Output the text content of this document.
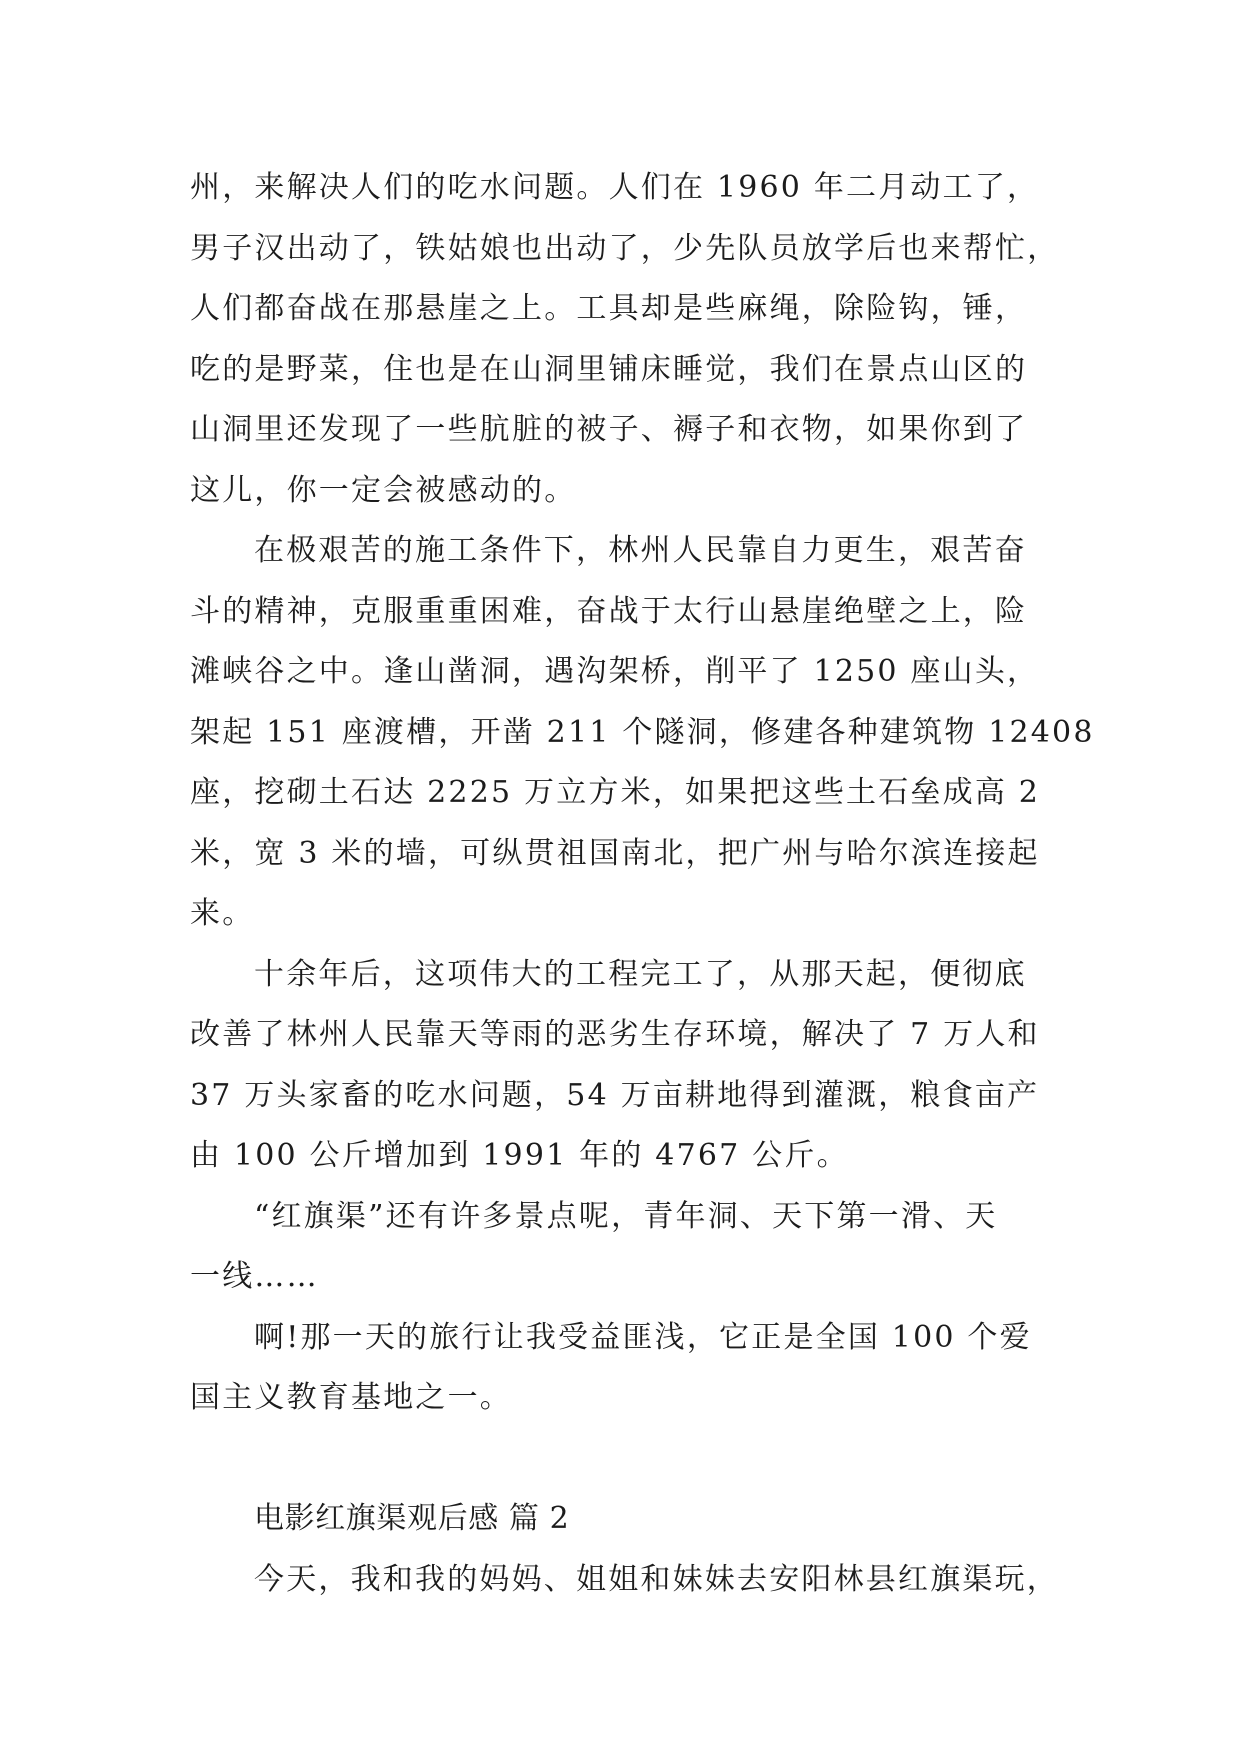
州，来解决人们的吃水问题。人们在 1960 年二月动工了，
男子汉出动了，铁姑娘也出动了，少先队员放学后也来帮忙，
人们都奋战在那悬崖之上。工具却是些麻绳，除险钩，锤，
吃的是野菜，住也是在山洞里铺床睡觉，我们在景点山区的
山洞里还发现了一些肮脏的被子、褥子和衣物，如果你到了
这儿，你一定会被感动的。
在极艰苦的施工条件下，林州人民靠自力更生，艰苦奋
斗的精神，克服重重困难，奋战于太行山悬崖绝壁之上，险
滩峡谷之中。逢山凿洞，遇沟架桥，削平了 1250 座山头，
架起 151 座渡槽，开凿 211 个隧洞，修建各种建筑物 12408
座，挖砌土石达 2225 万立方米，如果把这些土石垒成高 2
米，宽 3 米的墙，可纵贯祖国南北，把广州与哈尔滨连接起
来。
十余年后，这项伟大的工程完工了，从那天起，便彻底
改善了林州人民靠天等雨的恶劣生存环境，解决了 7 万人和
37 万头家畜的吃水问题，54 万亩耕地得到灌溉，粮食亩产
由 100 公斤增加到 1991 年的 4767 公斤。
“红旗渠”还有许多景点呢，青年洞、天下第一滑、天
一线……
啊!那一天的旅行让我受益匪浅，它正是全国 100 个爱
国主义教育基地之一。
电影红旗渠观后感 篇 2
今天，我和我的妈妈、姐姐和妹妹去安阳林县红旗渠玩，
